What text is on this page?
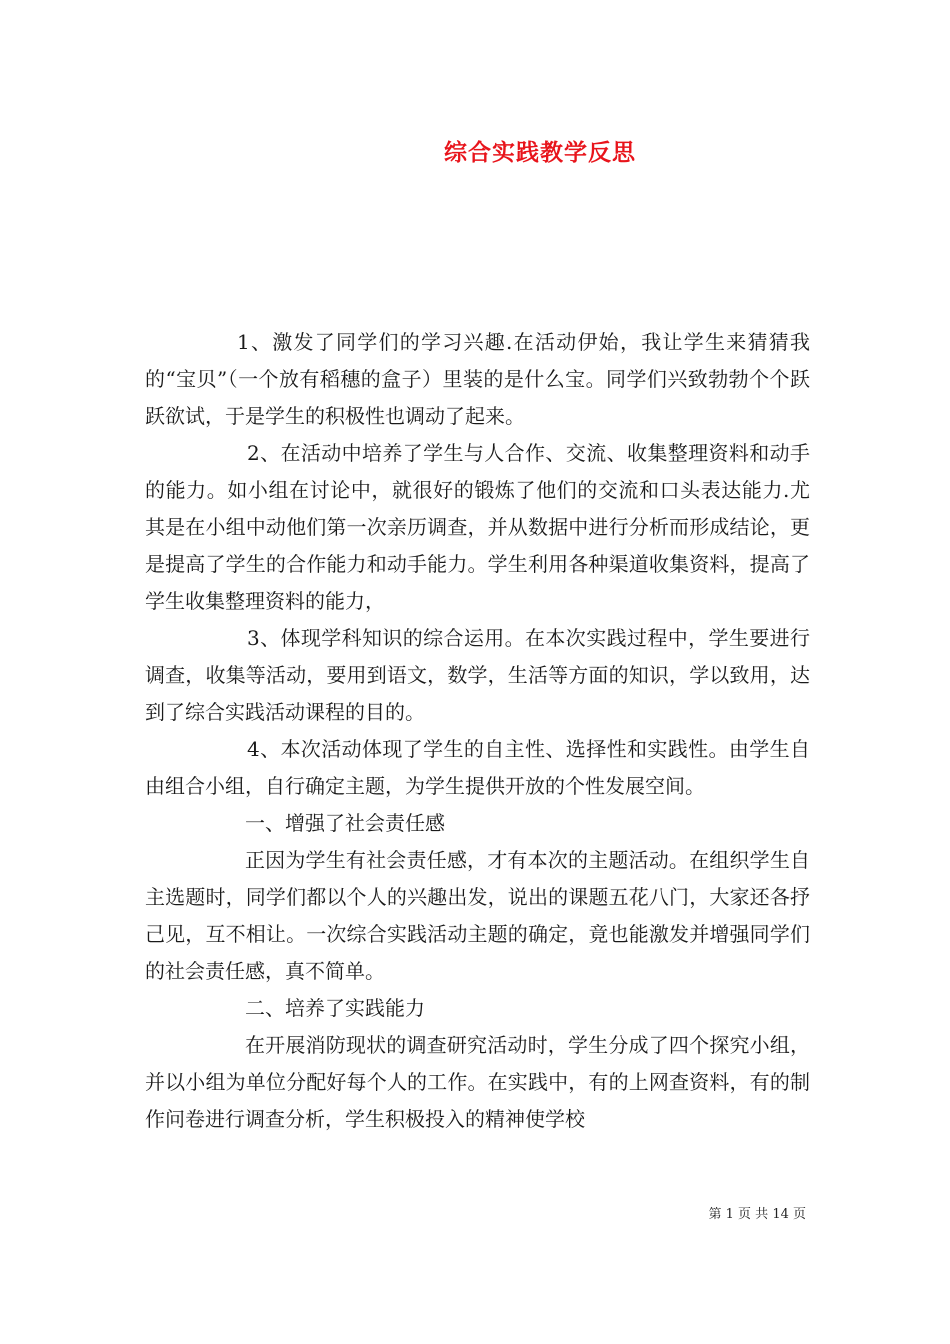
综合实践教学反思

1、激发了同学们的学习兴趣.在活动伊始，我让学生来猜猜我的“宝贝”（一个放有稻穗的盒子）里装的是什么宝。同学们兴致勃勃个个跃跃欲试，于是学生的积极性也调动了起来。

2、在活动中培养了学生与人合作、交流、收集整理资料和动手的能力。如小组在讨论中，就很好的锻炼了他们的交流和口头表达能力.尤其是在小组中动他们第一次亲历调查，并从数据中进行分析而形成结论，更是提高了学生的合作能力和动手能力。学生利用各种渠道收集资料，提高了学生收集整理资料的能力，

3、体现学科知识的综合运用。在本次实践过程中，学生要进行调查，收集等活动，要用到语文，数学，生活等方面的知识，学以致用，达到了综合实践活动课程的目的。

4、本次活动体现了学生的自主性、选择性和实践性。由学生自由组合小组，自行确定主题，为学生提供开放的个性发展空间。

一、增强了社会责任感

正因为学生有社会责任感，才有本次的主题活动。在组织学生自主选题时，同学们都以个人的兴趣出发，说出的课题五花八门，大家还各抒己见，互不相让。一次综合实践活动主题的确定，竟也能激发并增强同学们的社会责任感，真不简单。

二、培养了实践能力

在开展消防现状的调查研究活动时，学生分成了四个探究小组，并以小组为单位分配好每个人的工作。在实践中，有的上网查资料，有的制作问卷进行调查分析，学生积极投入的精神使学校

第 1 页 共 14 页
